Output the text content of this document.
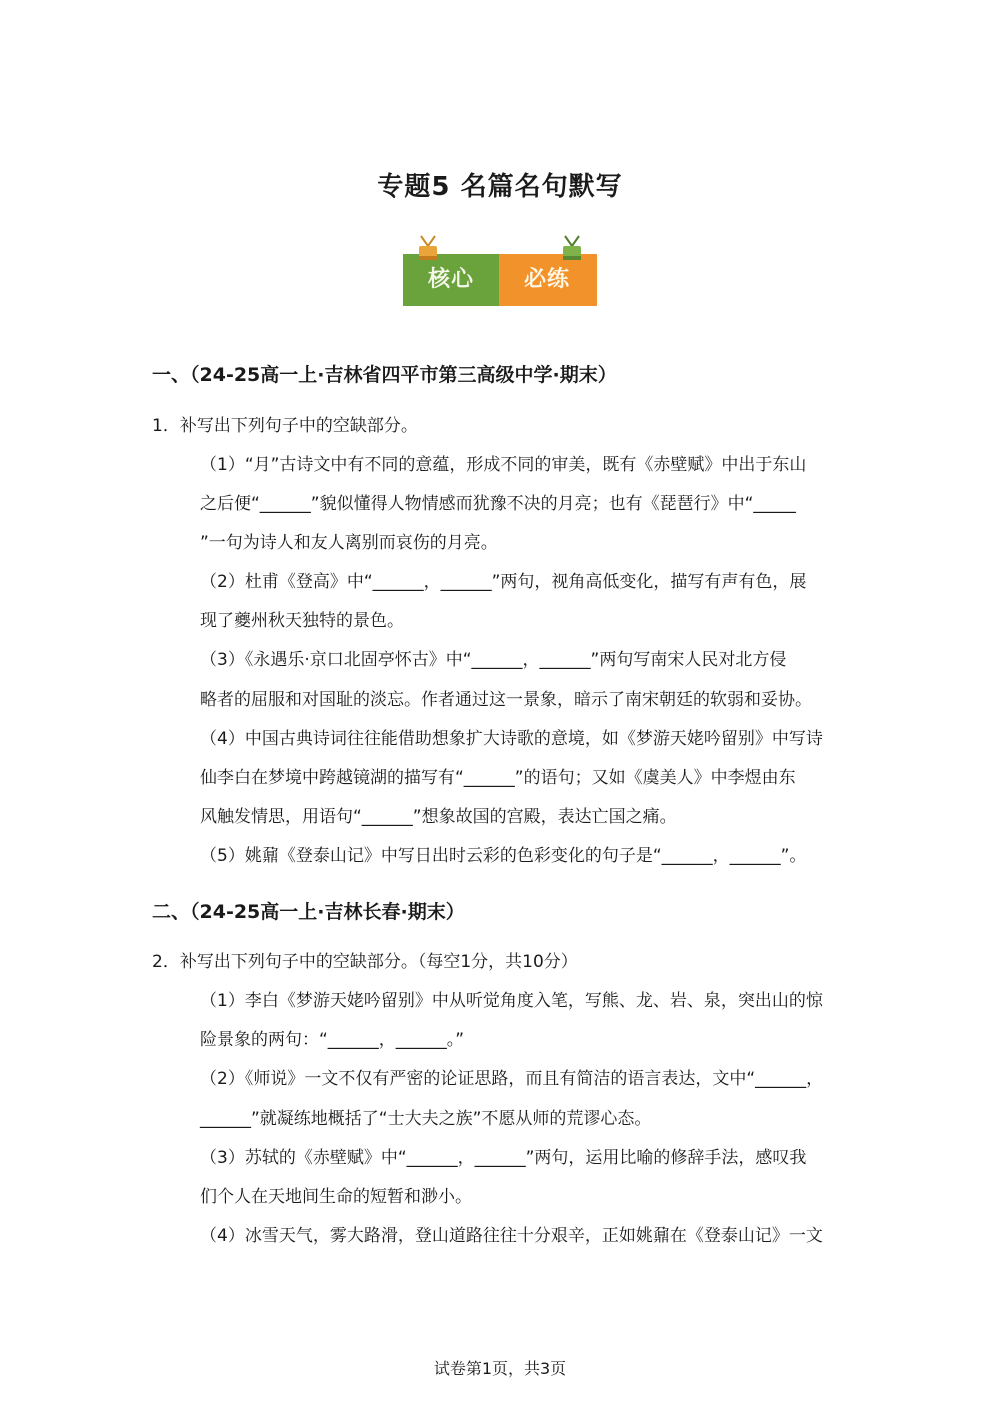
专题5 名篇名句默写
核心	必练
一、（24-25高一上·吉林省四平市第三高级中学·期末）
1．补写出下列句子中的空缺部分。
（1）“月”古诗文中有不同的意蕴，形成不同的审美，既有《赤壁赋》中出于东山
之后便“______”貌似懂得人物情感而犹豫不决的月亮；也有《琵琶行》中“_____
”一句为诗人和友人离别而哀伤的月亮。
（2）杜甫《登高》中“______，______”两句，视角高低变化，描写有声有色，展
现了夔州秋天独特的景色。
（3）《永遇乐·京口北固亭怀古》中“______，______”两句写南宋人民对北方侵
略者的屈服和对国耻的淡忘。作者通过这一景象，暗示了南宋朝廷的软弱和妥协。
（4）中国古典诗词往往能借助想象扩大诗歌的意境，如《梦游天姥吟留别》中写诗
仙李白在梦境中跨越镜湖的描写有“______”的语句；又如《虞美人》中李煜由东
风触发情思，用语句“______”想象故国的宫殿，表达亡国之痛。
（5）姚鼐《登泰山记》中写日出时云彩的色彩变化的句子是“______，______”。
二、（24-25高一上·吉林长春·期末）
2．补写出下列句子中的空缺部分。（每空1分，共10分）
（1）李白《梦游天姥吟留别》中从听觉角度入笔，写熊、龙、岩、泉，突出山的惊
险景象的两句：“______，______。”
（2）《师说》一文不仅有严密的论证思路，而且有简洁的语言表达，文中“______，
______”就凝练地概括了“士大夫之族”不愿从师的荒谬心态。
（3）苏轼的《赤壁赋》中“______，______”两句，运用比喻的修辞手法，感叹我
们个人在天地间生命的短暂和渺小。
（4）冰雪天气，雾大路滑，登山道路往往十分艰辛，正如姚鼐在《登泰山记》一文
试卷第1页，共3页
